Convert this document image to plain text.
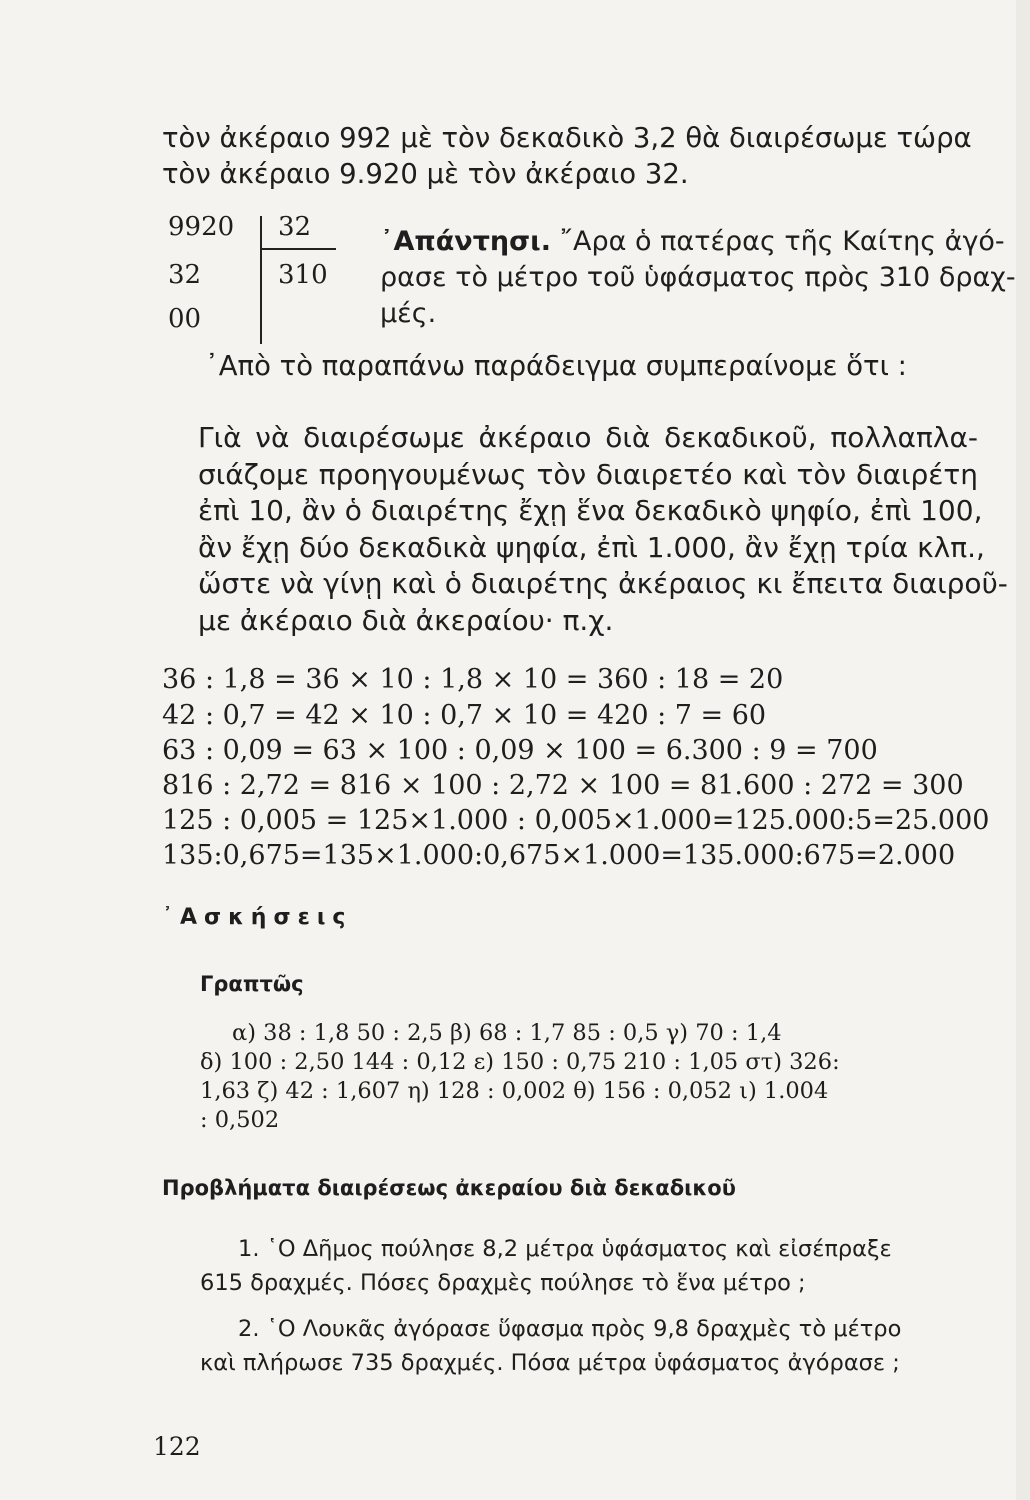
τὸν ἀκέραιο 992 μὲ τὸν δεκαδικὸ 3,2 θὰ διαιρέσωμε τώρα
τὸν ἀκέραιο 9.920 μὲ τὸν ἀκέραιο 32.
9920 32
32	310
00
᾿Απάντησι. ῎Αρα ὁ πατέρας τῆς Καίτης ἀγό-
ρασε τὸ μέτρο τοῦ ὑφάσματος πρὸς 310 δραχ-
μές.
᾿Απὸ τὸ παραπάνω παράδειγμα συμπεραίνομε ὅτι :
Γιὰ νὰ διαιρέσωμε ἀκέραιο διὰ δεκαδικοῦ, πολλαπλα-
σιάζομε προηγουμένως τὸν διαιρετέο καὶ τὸν διαιρέτη
ἐπὶ 10, ἂν ὁ διαιρέτης ἔχῃ ἕνα δεκαδικὸ ψηφίο, ἐπὶ 100,
ἂν ἔχῃ δύο δεκαδικὰ ψηφία, ἐπὶ 1.000, ἂν ἔχῃ τρία κλπ.,
ὥστε νὰ γίνῃ καὶ ὁ διαιρέτης ἀκέραιος κι ἔπειτα διαιροῦ-
με ἀκέραιο διὰ ἀκεραίου· π.χ.
36 : 1,8 = 36 × 10 : 1,8 × 10 = 360 : 18 = 20
42 : 0,7 = 42 × 10 : 0,7 × 10 = 420 : 7 = 60
63 : 0,09 = 63 × 100 : 0,09 × 100 = 6.300 : 9 = 700
816 : 2,72 = 816 × 100 : 2,72 × 100 = 81.600 : 272 = 300
125 : 0,005 = 125×1.000 : 0,005×1.000=125.000:5=25.000
135:0,675=135×1.000:0,675×1.000=135.000:675=2.000
᾿Ασκήσεις
Γραπτῶς
α) 38 : 1,8 50 : 2,5 β) 68 : 1,7 85 : 0,5 γ) 70 : 1,4
δ) 100 : 2,50 144 : 0,12 ε) 150 : 0,75 210 : 1,05 στ) 326:
1,63 ζ) 42 : 1,607 η) 128 : 0,002 θ) 156 : 0,052 ι) 1.004
: 0,502
Προβλήματα διαιρέσεως ἀκεραίου διὰ δεκαδικοῦ
1. ῾Ο Δῆμος πούλησε 8,2 μέτρα ὑφάσματος καὶ εἰσέπραξε
615 δραχμές. Πόσες δραχμὲς πούλησε τὸ ἕνα μέτρο ;
2. ῾Ο Λουκᾶς ἀγόρασε ὕφασμα πρὸς 9,8 δραχμὲς τὸ μέτρο
καὶ πλήρωσε 735 δραχμές. Πόσα μέτρα ὑφάσματος ἀγόρασε ;
122
